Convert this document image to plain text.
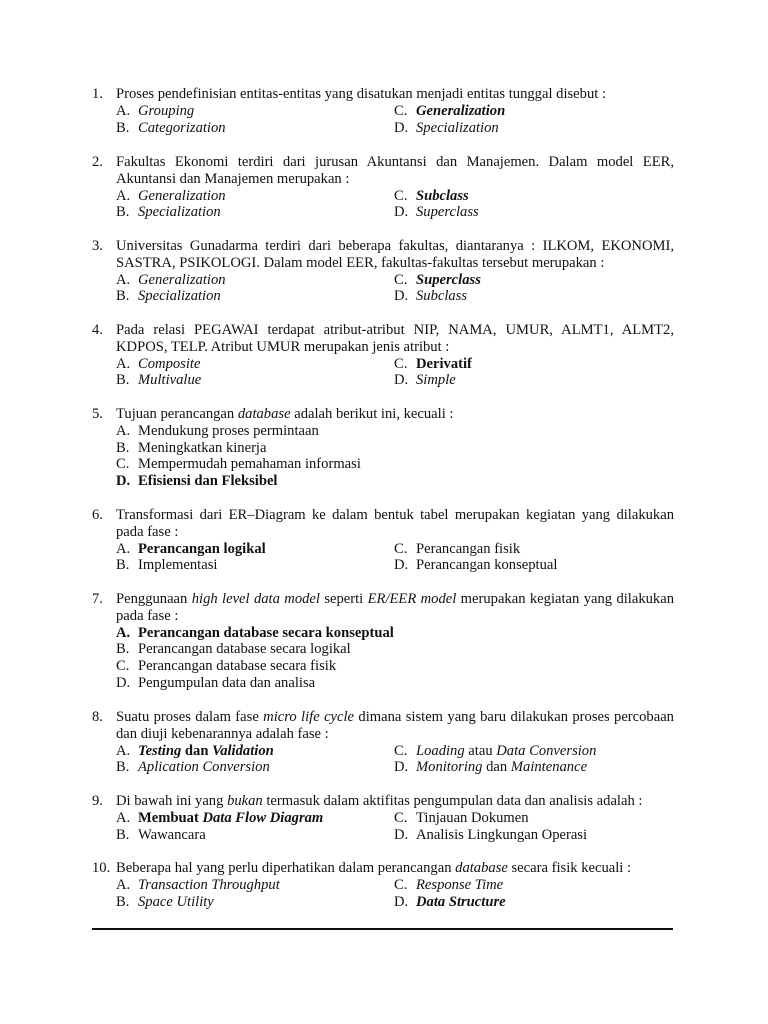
1. Proses pendefinisian entitas-entitas yang disatukan menjadi entitas tunggal disebut :
A. Grouping	C. Generalization
B. Categorization	D. Specialization
2. Fakultas Ekonomi terdiri dari jurusan Akuntansi dan Manajemen. Dalam model EER, Akuntansi dan Manajemen merupakan :
A. Generalization	C. Subclass
B. Specialization	D. Superclass
3. Universitas Gunadarma terdiri dari beberapa fakultas, diantaranya : ILKOM, EKONOMI, SASTRA, PSIKOLOGI. Dalam model EER, fakultas-fakultas tersebut merupakan :
A. Generalization	C. Superclass
B. Specialization	D. Subclass
4. Pada relasi PEGAWAI terdapat atribut-atribut NIP, NAMA, UMUR, ALMT1, ALMT2, KDPOS, TELP. Atribut UMUR merupakan jenis atribut :
A. Composite	C. Derivatif
B. Multivalue	D. Simple
5. Tujuan perancangan database adalah berikut ini, kecuali :
A. Mendukung proses permintaan
B. Meningkatkan kinerja
C. Mempermudah pemahaman informasi
D. Efisiensi dan Fleksibel
6. Transformasi dari ER–Diagram ke dalam bentuk tabel merupakan kegiatan yang dilakukan pada fase :
A. Perancangan logikal	C. Perancangan fisik
B. Implementasi	D. Perancangan konseptual
7. Penggunaan high level data model seperti ER/EER model merupakan kegiatan yang dilakukan pada fase :
A. Perancangan database secara konseptual
B. Perancangan database secara logikal
C. Perancangan database secara fisik
D. Pengumpulan data dan analisa
8. Suatu proses dalam fase micro life cycle dimana sistem yang baru dilakukan proses percobaan dan diuji kebenarannya adalah fase :
A. Testing dan Validation	C. Loading atau Data Conversion
B. Aplication Conversion	D. Monitoring dan Maintenance
9. Di bawah ini yang bukan termasuk dalam aktifitas pengumpulan data dan analisis adalah :
A. Membuat Data Flow Diagram	C. Tinjauan Dokumen
B. Wawancara	D. Analisis Lingkungan Operasi
10. Beberapa hal yang perlu diperhatikan dalam perancangan database secara fisik kecuali :
A. Transaction Throughput	C. Response Time
B. Space Utility	D. Data Structure
